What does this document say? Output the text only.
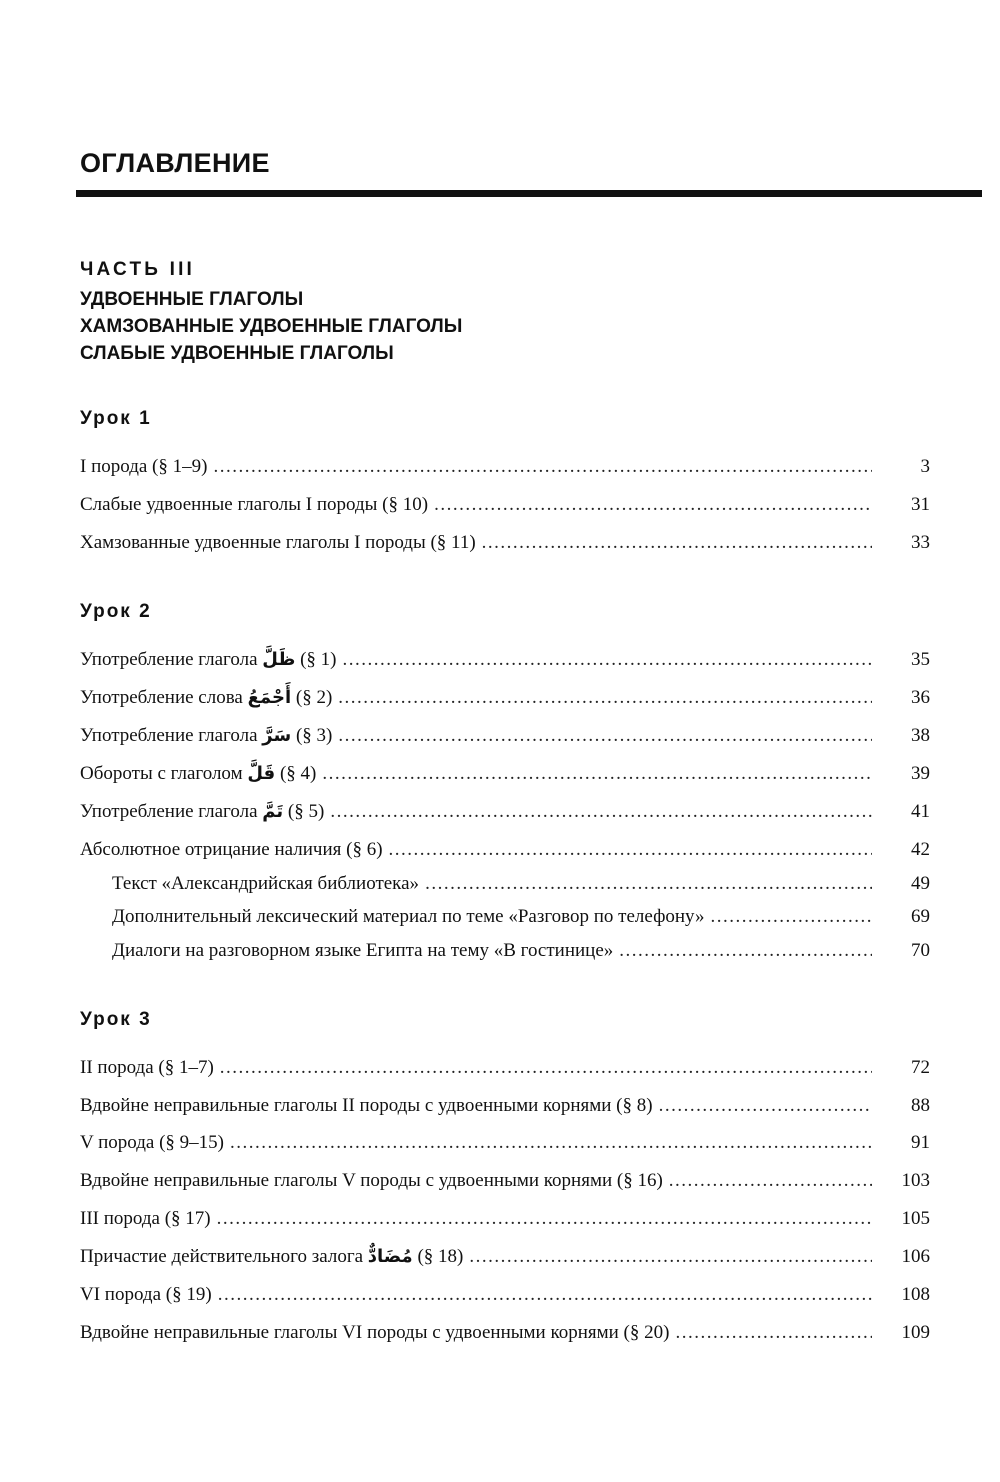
ОГЛАВЛЕНИЕ
ЧАСТЬ III
УДВОЕННЫЕ ГЛАГОЛЫ
ХАМЗОВАННЫЕ УДВОЕННЫЕ ГЛАГОЛЫ
СЛАБЫЕ УДВОЕННЫЕ ГЛАГОЛЫ
Урок 1
I порода (§ 1–9) .....	3
Слабые удвоенные глаголы I породы (§ 10) .....	31
Хамзованные удвоенные глаголы I породы (§ 11) .....	33
Урок 2
Употребление глагола ظَلَّ (§ 1) .....	35
Употребление слова أَجْمَعُ (§ 2) .....	36
Употребление глагола سَرَّ (§ 3) .....	38
Обороты с глаголом قَلَّ (§ 4) .....	39
Употребление глагола تَمَّ (§ 5) .....	41
Абсолютное отрицание наличия (§ 6) .....	42
Текст «Александрийская библиотека» .....	49
Дополнительный лексический материал по теме «Разговор по телефону» .....	69
Диалоги на разговорном языке Египта на тему «В гостинице» .....	70
Урок 3
II порода (§ 1–7) .....	72
Вдвойне неправильные глаголы II породы с удвоенными корнями (§ 8) .....	88
V порода (§ 9–15) .....	91
Вдвойне неправильные глаголы V породы с удвоенными корнями (§ 16) .....	103
III порода (§ 17) .....	105
Причастие действительного залога مُضَادٌّ (§ 18) .....	106
VI порода (§ 19) .....	108
Вдвойне неправильные глаголы VI породы с удвоенными корнями (§ 20) .....	109
